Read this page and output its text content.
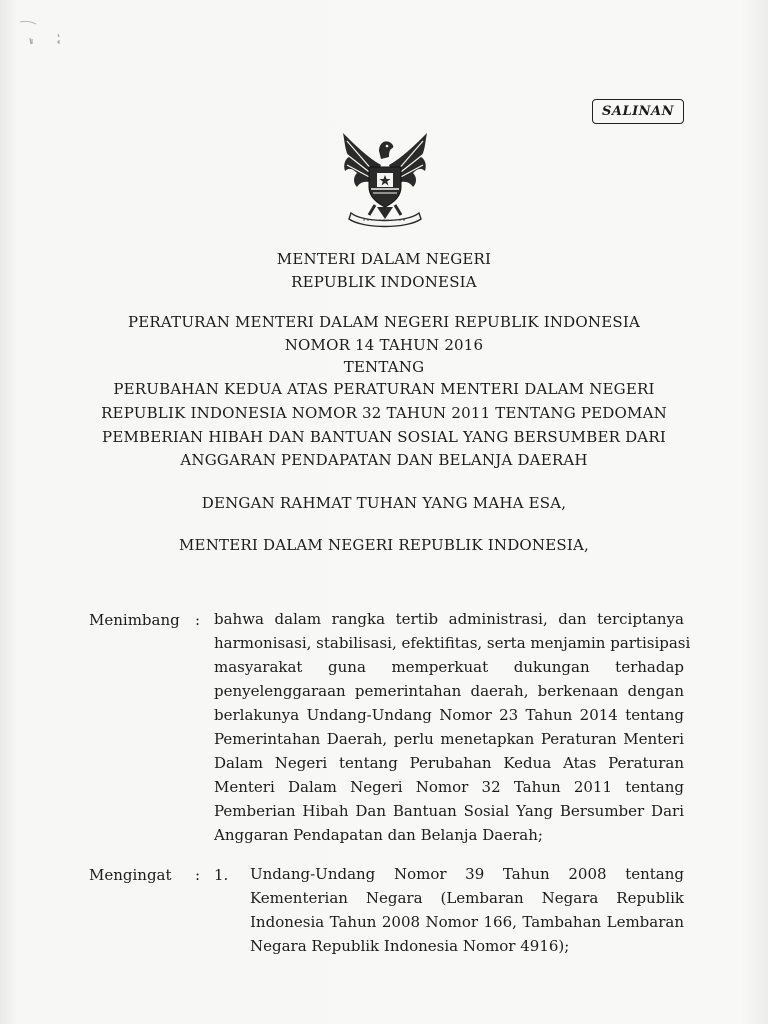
SALINAN
MENTERI DALAM NEGERI
REPUBLIK INDONESIA
PERATURAN MENTERI DALAM NEGERI REPUBLIK INDONESIA
NOMOR 14 TAHUN 2016
TENTANG
PERUBAHAN KEDUA ATAS PERATURAN MENTERI DALAM NEGERI
REPUBLIK INDONESIA NOMOR 32 TAHUN 2011 TENTANG PEDOMAN
PEMBERIAN HIBAH DAN BANTUAN SOSIAL YANG BERSUMBER DARI
ANGGARAN PENDAPATAN DAN BELANJA DAERAH
DENGAN RAHMAT TUHAN YANG MAHA ESA,
MENTERI DALAM NEGERI REPUBLIK INDONESIA,
Menimbang : bahwa dalam rangka tertib administrasi, dan terciptanya
harmonisasi, stabilisasi, efektifitas, serta menjamin partisipasi
masyarakat guna memperkuat dukungan terhadap
penyelenggaraan pemerintahan daerah, berkenaan dengan
berlakunya Undang-Undang Nomor 23 Tahun 2014 tentang
Pemerintahan Daerah, perlu menetapkan Peraturan Menteri
Dalam Negeri tentang Perubahan Kedua Atas Peraturan
Menteri Dalam Negeri Nomor 32 Tahun 2011 tentang
Pemberian Hibah Dan Bantuan Sosial Yang Bersumber Dari
Anggaran Pendapatan dan Belanja Daerah;
Mengingat : 1. Undang-Undang Nomor 39 Tahun 2008 tentang
Kementerian Negara (Lembaran Negara Republik
Indonesia Tahun 2008 Nomor 166, Tambahan Lembaran
Negara Republik Indonesia Nomor 4916);
